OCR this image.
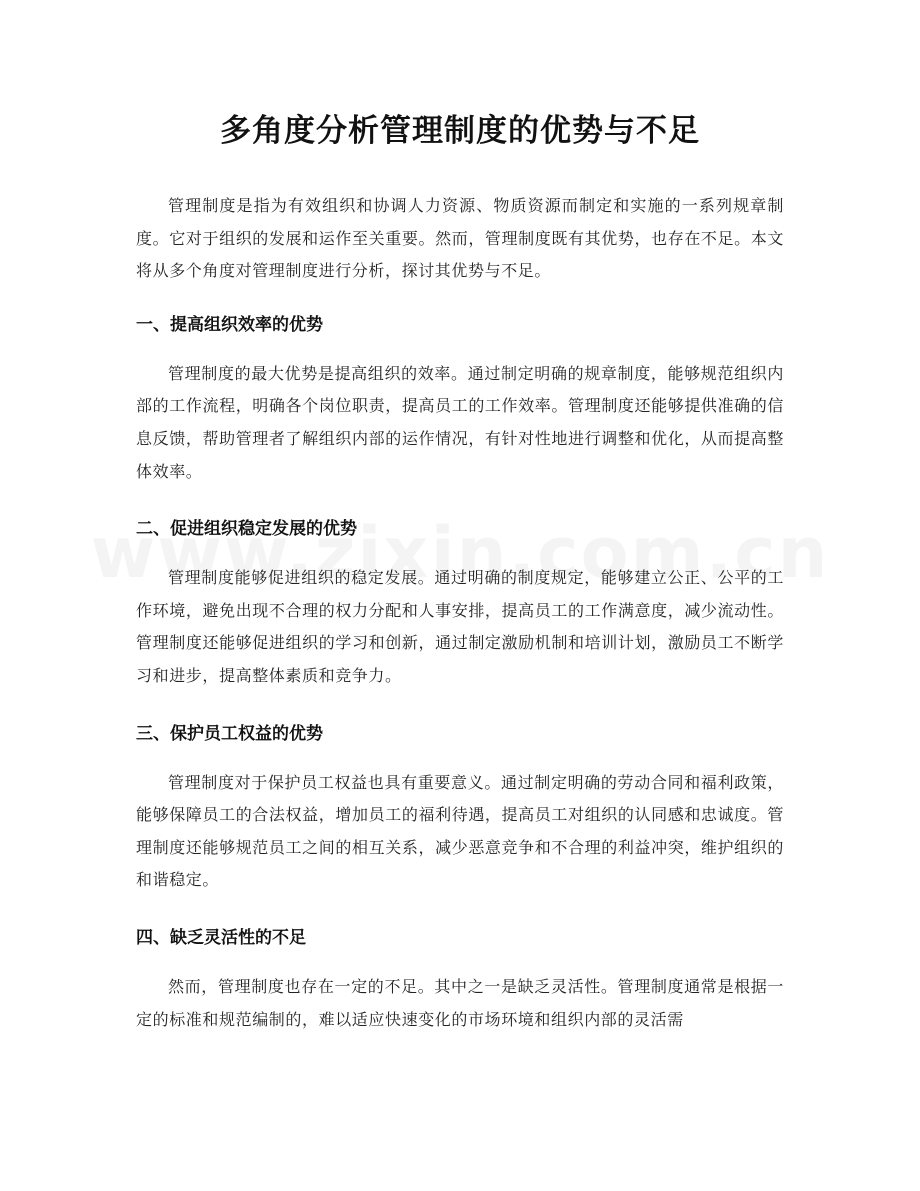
多角度分析管理制度的优势与不足

管理制度是指为有效组织和协调人力资源、物质资源而制定和实施的一系列规章制度。它对于组织的发展和运作至关重要。然而，管理制度既有其优势，也存在不足。本文将从多个角度对管理制度进行分析，探讨其优势与不足。

一、提高组织效率的优势

管理制度的最大优势是提高组织的效率。通过制定明确的规章制度，能够规范组织内部的工作流程，明确各个岗位职责，提高员工的工作效率。管理制度还能够提供准确的信息反馈，帮助管理者了解组织内部的运作情况，有针对性地进行调整和优化，从而提高整体效率。

二、促进组织稳定发展的优势

管理制度能够促进组织的稳定发展。通过明确的制度规定，能够建立公正、公平的工作环境，避免出现不合理的权力分配和人事安排，提高员工的工作满意度，减少流动性。管理制度还能够促进组织的学习和创新，通过制定激励机制和培训计划，激励员工不断学习和进步，提高整体素质和竞争力。

三、保护员工权益的优势

管理制度对于保护员工权益也具有重要意义。通过制定明确的劳动合同和福利政策，能够保障员工的合法权益，增加员工的福利待遇，提高员工对组织的认同感和忠诚度。管理制度还能够规范员工之间的相互关系，减少恶意竞争和不合理的利益冲突，维护组织的和谐稳定。

四、缺乏灵活性的不足

然而，管理制度也存在一定的不足。其中之一是缺乏灵活性。管理制度通常是根据一定的标准和规范编制的，难以适应快速变化的市场环境和组织内部的灵活需
